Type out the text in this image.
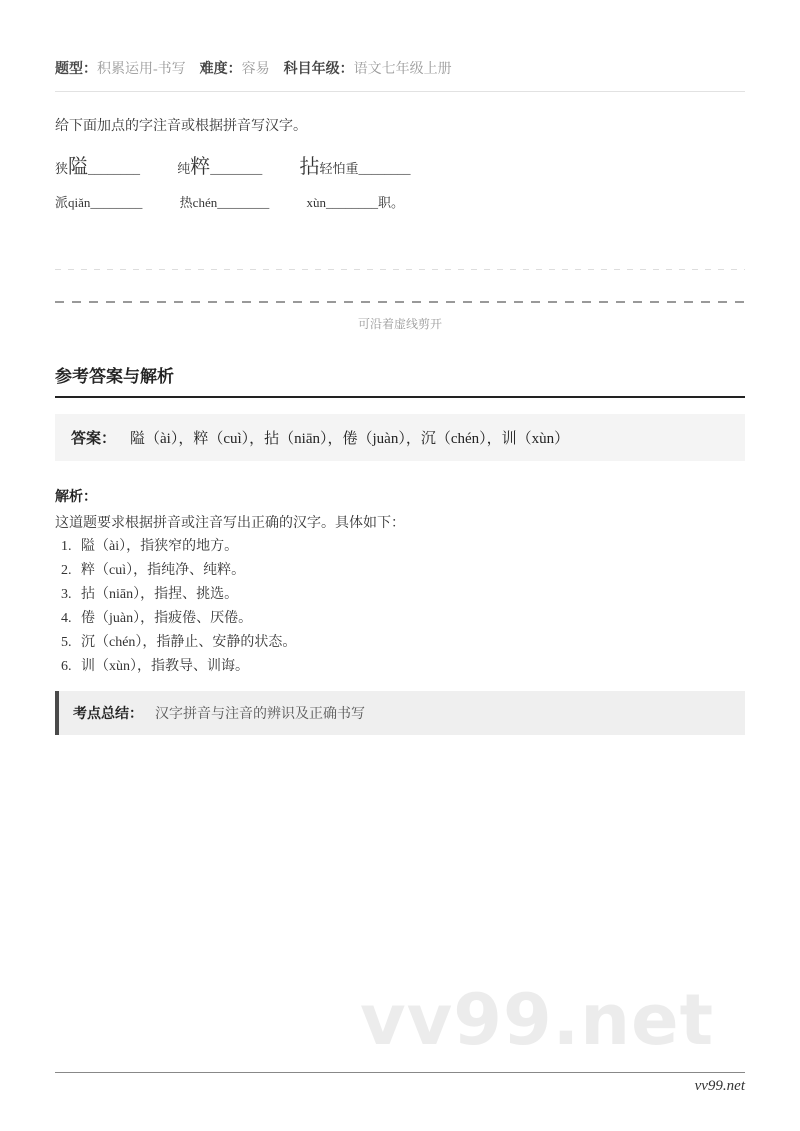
题型：积累运用-书写 难度：容易 科目年级：语文七年级上册
给下面加点的字注音或根据拼音写汉字。
狭隘________	纯粹________ 拈轻怕重________
派qiǎn________	热chén________	xùn________职。
可沿着虚线剪开
参考答案与解析
答案： 隘（ài），粹（cuì），拈（niān），倦（juàn），沉（chén），训（xùn）
解析：
这道题要求根据拼音或注音写出正确的汉字。具体如下：
1. 隘（ài），指狭窄的地方。
2. 粹（cuì），指纯净、纯粹。
3. 拈（niān），指捏、挑选。
4. 倦（juàn），指疲倦、厌倦。
5. 沉（chén），指静止、安静的状态。
6. 训（xùn），指教导、训诲。
考点总结： 汉字拼音与注音的辨识及正确书写
vv99.net
vv99.net
